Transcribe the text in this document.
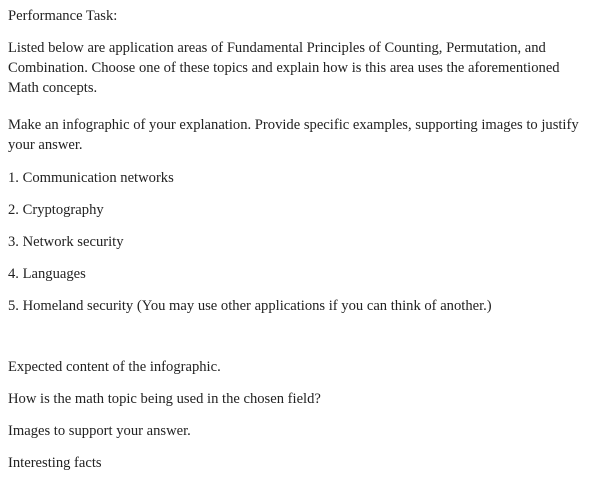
Performance Task:
Listed below are application areas of Fundamental Principles of Counting, Permutation, and Combination. Choose one of these topics and explain how is this area uses the aforementioned Math concepts.
Make an infographic of your explanation. Provide specific examples, supporting images to justify your answer.
1. Communication networks
2. Cryptography
3. Network security
4. Languages
5. Homeland security (You may use other applications if you can think of another.)
Expected content of the infographic.
How is the math topic being used in the chosen field?
Images to support your answer.
Interesting facts
